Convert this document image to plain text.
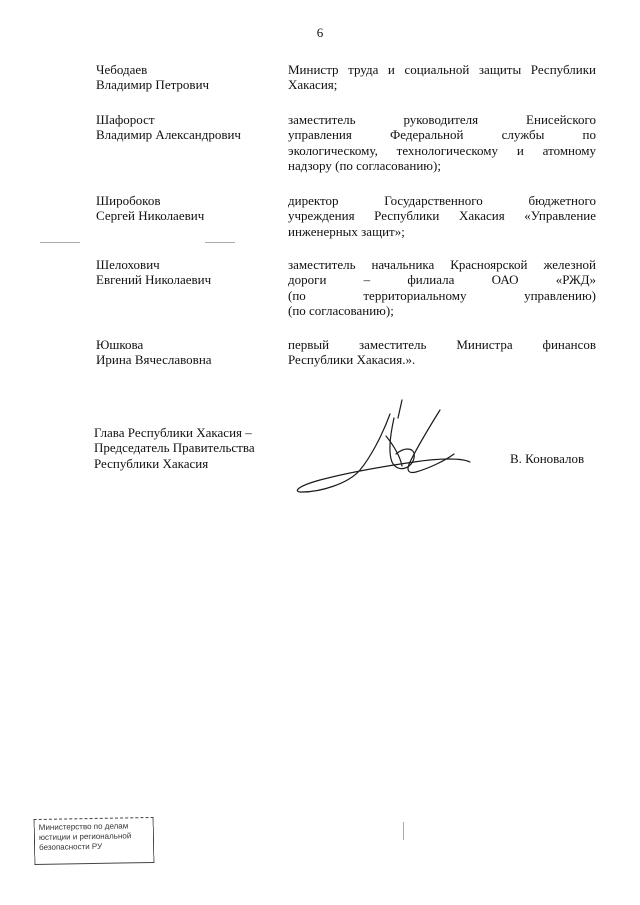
6
Чебодаев
Владимир Петрович
Министр труда и социальной защиты Республики
Хакасия;
Шафорост
Владимир Александрович
заместитель руководителя Енисейского
управления Федеральной службы по
экологическому, технологическому и атомному
надзору (по согласованию);
Широбоков
Сергей Николаевич
директор Государственного бюджетного
учреждения Республики Хакасия «Управление
инженерных защит»;
Шелохович
Евгений Николаевич
заместитель начальника Красноярской железной
дороги – филиала ОАО «РЖД»
(по территориальному управлению)
(по согласованию);
Юшкова
Ирина Вячеславовна
первый заместитель Министра финансов
Республики Хакасия.».
Глава Республики Хакасия –
Председатель Правительства
Республики Хакасия	В. Коновалов
Министерство по делам
юстиции и региональной
безопасности РУ
